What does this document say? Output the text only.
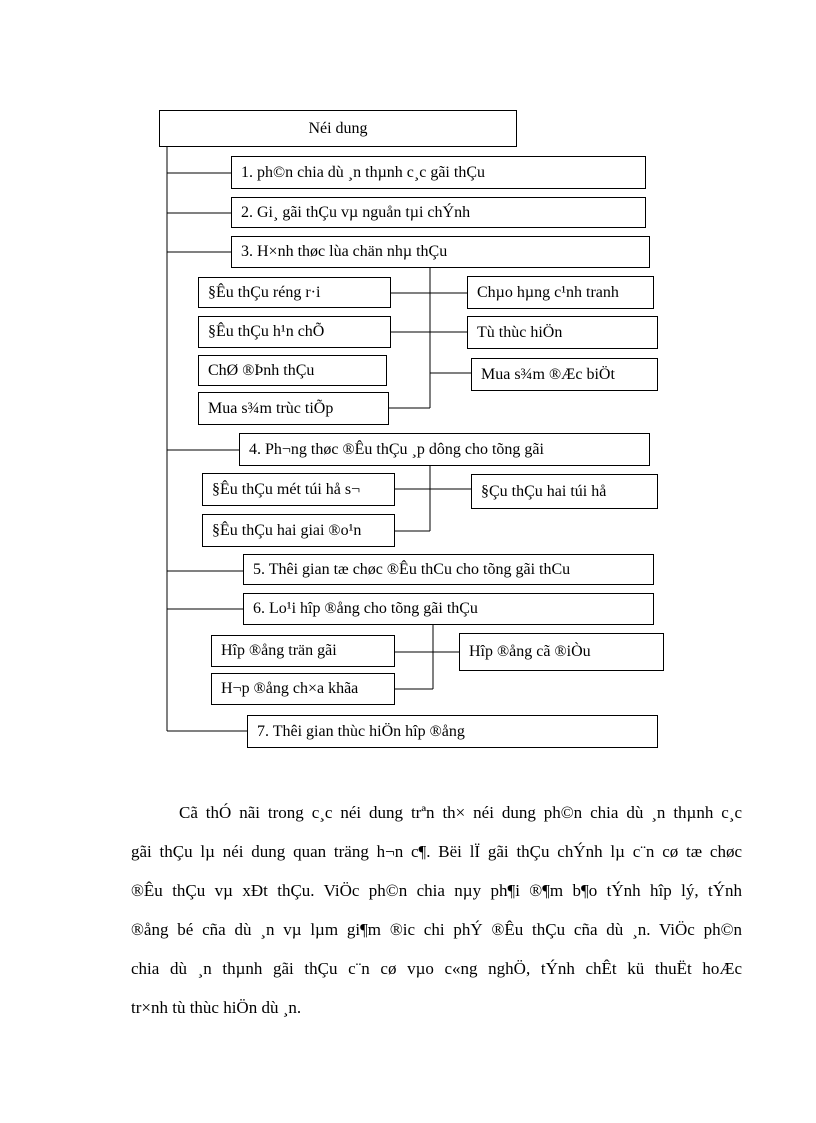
Néi dung
1. ph©n chia dù ¸n thµnh c¸c gãi thÇu
2. Gi¸ gãi thÇu vµ nguån tµi chÝnh
3. H×nh thøc lùa chän nhµ thÇu
§Êu thÇu réng r·i
§Êu thÇu h¹n chÕ
ChØ ®Þnh thÇu
Mua s¾m trùc tiÕp
Chµo hµng c¹nh tranh
Tù thùc hiÖn
Mua s¾m ®Æc biÖt
4. Ph¬ng thøc ®Êu thÇu ¸p dông cho tõng gãi
§Êu thÇu mét túi hå s¬
§Êu thÇu hai giai ®o¹n
§Çu thÇu hai túi hå
5. Thêi gian tæ chøc ®Êu thCu cho tõng gãi thCu
6. Lo¹i hîp ®ång cho tõng gãi thÇu
Hîp ®ång trän gãi
H¬p ®ång ch×a khãa
Hîp ®ång cã ®iÒu
7. Thêi gian thùc hiÖn hîp ®ång
Cã thÓ nãi trong c¸c néi dung trªn th× néi dung ph©n chia dù ¸n thµnh c¸c
gãi thÇu lµ néi dung quan träng h¬n c¶. Bëi lÏ gãi thÇu chÝnh lµ c¨n cø tæ chøc
®Êu thÇu vµ xÐt thÇu. ViÖc ph©n chia nµy ph¶i ®¶m b¶o tÝnh hîp lý, tÝnh
®ång bé cña dù ¸n vµ lµm gi¶m ®ic chi phÝ ®Êu thÇu cña dù ¸n. ViÖc ph©n
chia dù ¸n thµnh gãi thÇu c¨n cø vµo c«ng nghÖ, tÝnh chÊt kü thuËt hoÆc
tr×nh tù thùc hiÖn dù ¸n.
